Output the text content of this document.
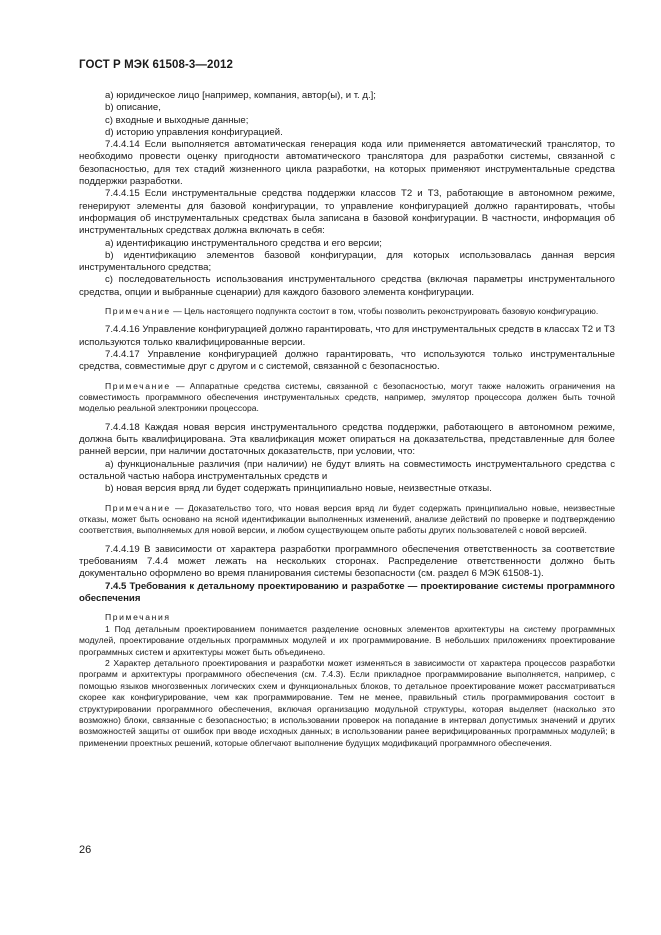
ГОСТ Р МЭК 61508-3—2012

а) юридическое лицо [например, компания, автор(ы), и т. д.];

b) описание,

c) входные и выходные данные;

d) историю управления конфигурацией.

7.4.4.14 Если выполняется автоматическая генерация кода или применяется автоматический транслятор, то необходимо провести оценку пригодности автоматического транслятора для разработки системы, связанной с безопасностью, для тех стадий жизненного цикла разработки, на которых применяют инструментальные средства поддержки разработки.

7.4.4.15 Если инструментальные средства поддержки классов Т2 и Т3, работающие в автономном режиме, генерируют элементы для базовой конфигурации, то управление конфигурацией должно гарантировать, чтобы информация об инструментальных средствах была записана в базовой конфигурации. В частности, информация об инструментальных средствах должна включать в себя:

a) идентификацию инструментального средства и его версии;

b) идентификацию элементов базовой конфигурации, для которых использовалась данная версия инструментального средства;

c) последовательность использования инструментального средства (включая параметры инструментального средства, опции и выбранные сценарии) для каждого базового элемента конфигурации.

Примечание — Цель настоящего подпункта состоит в том, чтобы позволить реконструировать базовую конфигурацию.

7.4.4.16 Управление конфигурацией должно гарантировать, что для инструментальных средств в классах Т2 и Т3 используются только квалифицированные версии.

7.4.4.17 Управление конфигурацией должно гарантировать, что используются только инструментальные средства, совместимые друг с другом и с системой, связанной с безопасностью.

Примечание — Аппаратные средства системы, связанной с безопасностью, могут также наложить ограничения на совместимость программного обеспечения инструментальных средств, например, эмулятор процессора должен быть точной моделью реальной электроники процессора.

7.4.4.18 Каждая новая версия инструментального средства поддержки, работающего в автономном режиме, должна быть квалифицирована. Эта квалификация может опираться на доказательства, представленные для более ранней версии, при наличии достаточных доказательств, при условии, что:

а) функциональные различия (при наличии) не будут влиять на совместимость инструментального средства с остальной частью набора инструментальных средств и

b) новая версия вряд ли будет содержать принципиально новые, неизвестные отказы.

Примечание — Доказательство того, что новая версия вряд ли будет содержать принципиально новые, неизвестные отказы, может быть основано на ясной идентификации выполненных изменений, анализе действий по проверке и подтверждению соответствия, выполняемых для новой версии, и любом существующем опыте работы других пользователей с новой версией.

7.4.4.19 В зависимости от характера разработки программного обеспечения ответственность за соответствие требованиям 7.4.4 может лежать на нескольких сторонах. Распределение ответственности должно быть документально оформлено во время планирования системы безопасности (см. раздел 6 МЭК 61508-1).

7.4.5 Требования к детальному проектированию и разработке — проектирование системы программного обеспечения

Примечания

1 Под детальным проектированием понимается разделение основных элементов архитектуры на систему программных модулей, проектирование отдельных программных модулей и их программирование. В небольших приложениях проектирование программных систем и архитектуры может быть объединено.

2 Характер детального проектирования и разработки может изменяться в зависимости от характера процессов разработки программ и архитектуры программного обеспечения (см. 7.4.3). Если прикладное программирование выполняется, например, с помощью языков многозвенных логических схем и функциональных блоков, то детальное проектирование может рассматриваться скорее как конфигурирование, чем как программирование. Тем не менее, правильный стиль программирования состоит в структурировании программного обеспечения, включая организацию модульной структуры, которая выделяет (насколько это возможно) блоки, связанные с безопасностью; в использовании проверок на попадание в интервал допустимых значений и других возможностей защиты от ошибок при вводе исходных данных; в использовании ранее верифицированных программных модулей; в применении проектных решений, которые облегчают выполнение будущих модификаций программного обеспечения.

26
